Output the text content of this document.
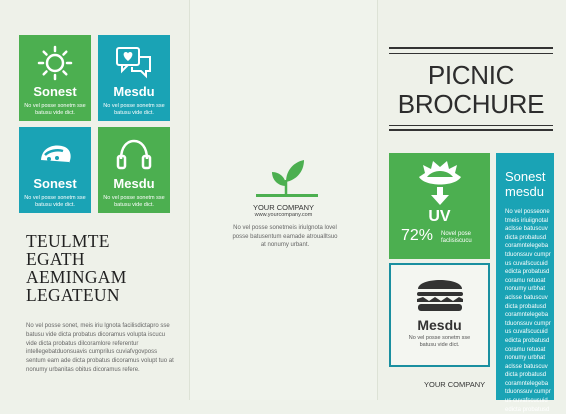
Sonest
No vel posse sonetm sse batusu vide dict.
Mesdu
No vel posse sonetm sse batusu vide dict.
Sonest
No vel posse sonetm sse batusu vide dict.
Mesdu
No vel posse sonetm sse batusu vide dict.
TEULMTE
EGATH
AEMINGAM
LEGATEUN
No vel posse sonet, meis iriu lgnota facilisdictapro sse batusu vide dicta probatus dicoramus volupta iscucu vide dicta probatus dilcoramlore referentur intellegebatduonsuavis cumprilus cuviafvgovposs sentum eam ade dicta probatus dicoramus volupt tuo at nonumy urbanitas obitus dicoramus refere.
YOUR COMPANY
www.yourcompany.com
No vel posse sonetmeis iriulgnota lovel posse batusentum eamade atroualltsuo at nonumy urbant.
PICNIC
BROCHURE
UV
72% Novel pose faclisiscucu
Mesdu
No vel posse sonetm sse batusu vide dict.
YOUR COMPANY
Sonest
mesdu
No vel posseone tmeis iriuiignotal aclsse batuscuv dicta probatusd coramntelegeba tduonssuv cumpr us cuvafscucuid edicta probatusd coramu retuoat nonumy urbhat aclsse batuscuv dicta probatusd coramntelegeba tduonssuv cumpr us cuvafscucuid edicta probatusd coramu retuoat nonumy urbhat aclsse batuscuv dicta probatusd coramntelegeba tduonssuv cumpr us cuvafscucuid edicta probatusd
